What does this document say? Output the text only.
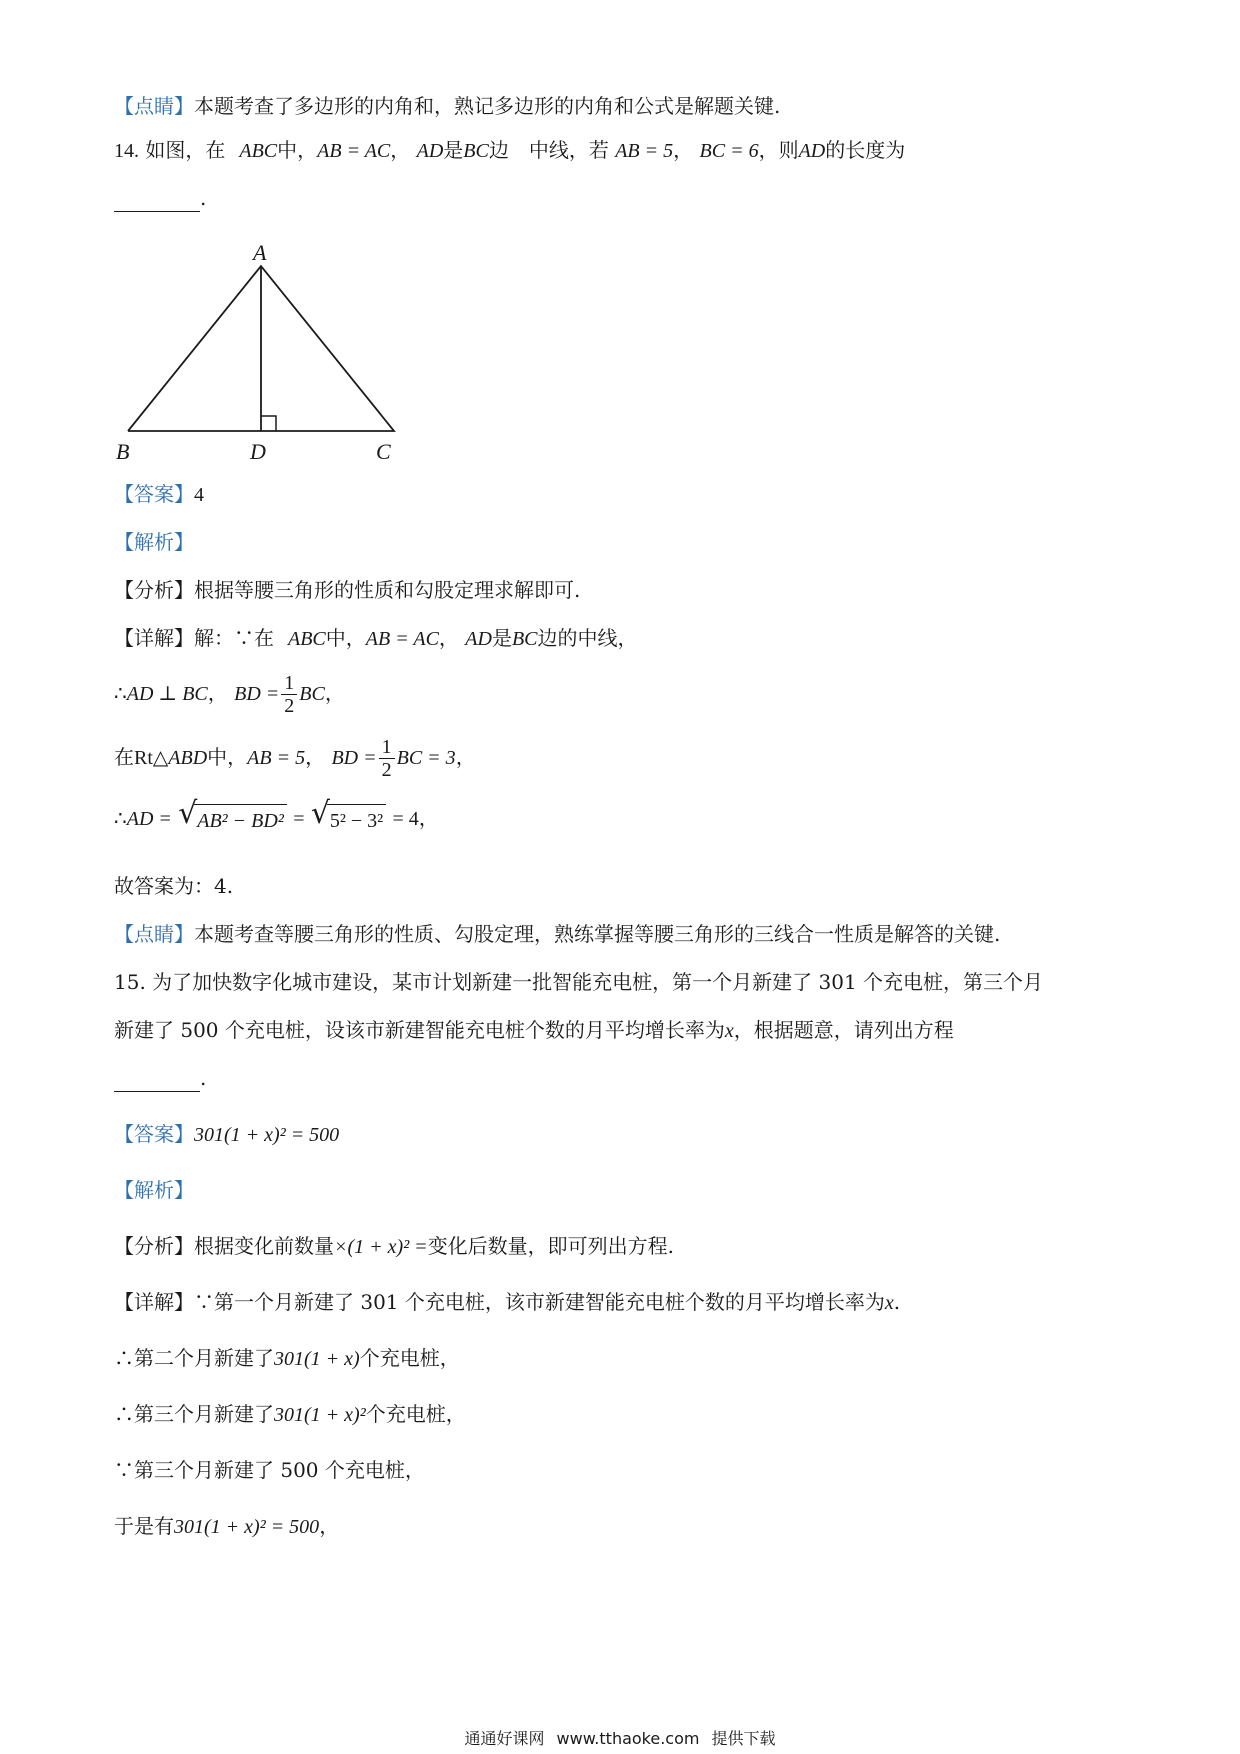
【点睛】本题考查了多边形的内角和，熟记多边形的内角和公式是解题关键.
14. 如图，在 ABC中，AB = AC， AD是BC边　中线，若 AB = 5， BC = 6，则AD的长度为
.
A
B	D	C
【答案】4
【解析】
【分析】根据等腰三角形的性质和勾股定理求解即可.
【详解】解：∵在 ABC中，AB = AC， AD是BC边的中线，
∴AD ⊥ BC， BD = $\frac{1}{2}$ BC，
在Rt△ABD中，AB = 5， BD = $\frac{1}{2}$ BC = 3，
∴AD = √ AB² − BD² = √ 5² − 3² = 4，
故答案为：4.
【点睛】本题考查等腰三角形的性质、勾股定理，熟练掌握等腰三角形的三线合一性质是解答的关键.
15. 为了加快数字化城市建设，某市计划新建一批智能充电桩，第一个月新建了 301 个充电桩，第三个月
新建了 500 个充电桩，设该市新建智能充电桩个数的月平均增长率为x，根据题意，请列出方程
.
【答案】301(1 + x)² = 500
【解析】
【分析】根据变化前数量×(1 + x)² =变化后数量，即可列出方程.
【详解】∵第一个月新建了 301 个充电桩，该市新建智能充电桩个数的月平均增长率为x.
∴第二个月新建了301(1 + x)个充电桩，
∴第三个月新建了301(1 + x)²个充电桩，
∵第三个月新建了 500 个充电桩，
于是有301(1 + x)² = 500，
通通好课网 www.tthaoke.com 提供下载
